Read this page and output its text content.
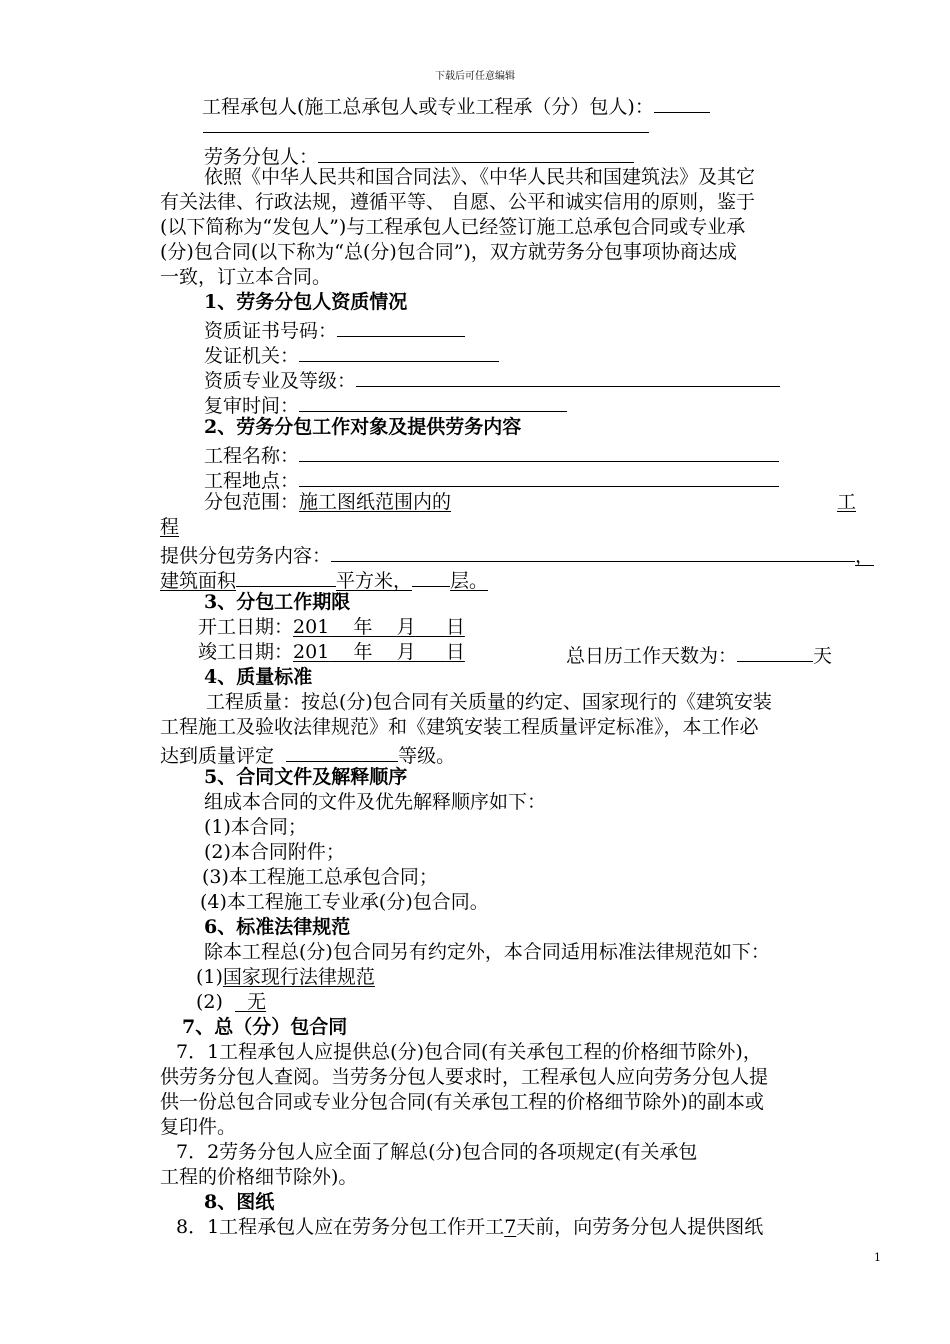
下载后可任意编辑
工程承包人(施工总承包人或专业工程承（分）包人)：
劳务分包人：
依照《中华人民共和国合同法》、《中华人民共和国建筑法》及其它
有关法律、行政法规，遵循平等、 自愿、公平和诚实信用的原则，鉴于
(以下简称为“发包人”)与工程承包人已经签订施工总承包合同或专业承
(分)包合同(以下称为“总(分)包合同”)，双方就劳务分包事项协商达成
一致，订立本合同。
1、劳务分包人资质情况
资质证书号码：
发证机关：
资质专业及等级：
复审时间：
2、劳务分包工作对象及提供劳务内容
工程名称：
工程地点：
分包范围：施工图纸范围内的	工
程
提供分包劳务内容：	，
建筑面积	平方米， 层。
3、分包工作期限
开工日期：201 年 月 日
竣工日期：201 年 月 日	总日历工作天数为：	天
4、质量标准
工程质量：按总(分)包合同有关质量的约定、国家现行的《建筑安装
工程施工及验收法律规范》和《建筑安装工程质量评定标准》，本工作必
达到质量评定	等级。
5、合同文件及解释顺序
组成本合同的文件及优先解释顺序如下：
(1)本合同；
(2)本合同附件；
(3)本工程施工总承包合同；
(4)本工程施工专业承(分)包合同。
6、标准法律规范
除本工程总(分)包合同另有约定外，本合同适用标准法律规范如下：
(1)国家现行法律规范
(2) 无
7、总（分）包合同
7．1工程承包人应提供总(分)包合同(有关承包工程的价格细节除外)，
供劳务分包人查阅。当劳务分包人要求时，工程承包人应向劳务分包人提
供一份总包合同或专业分包合同(有关承包工程的价格细节除外)的副本或
复印件。
7．2劳务分包人应全面了解总(分)包合同的各项规定(有关承包
工程的价格细节除外)。
8、图纸
8．1工程承包人应在劳务分包工作开工7天前，向劳务分包人提供图纸
1
